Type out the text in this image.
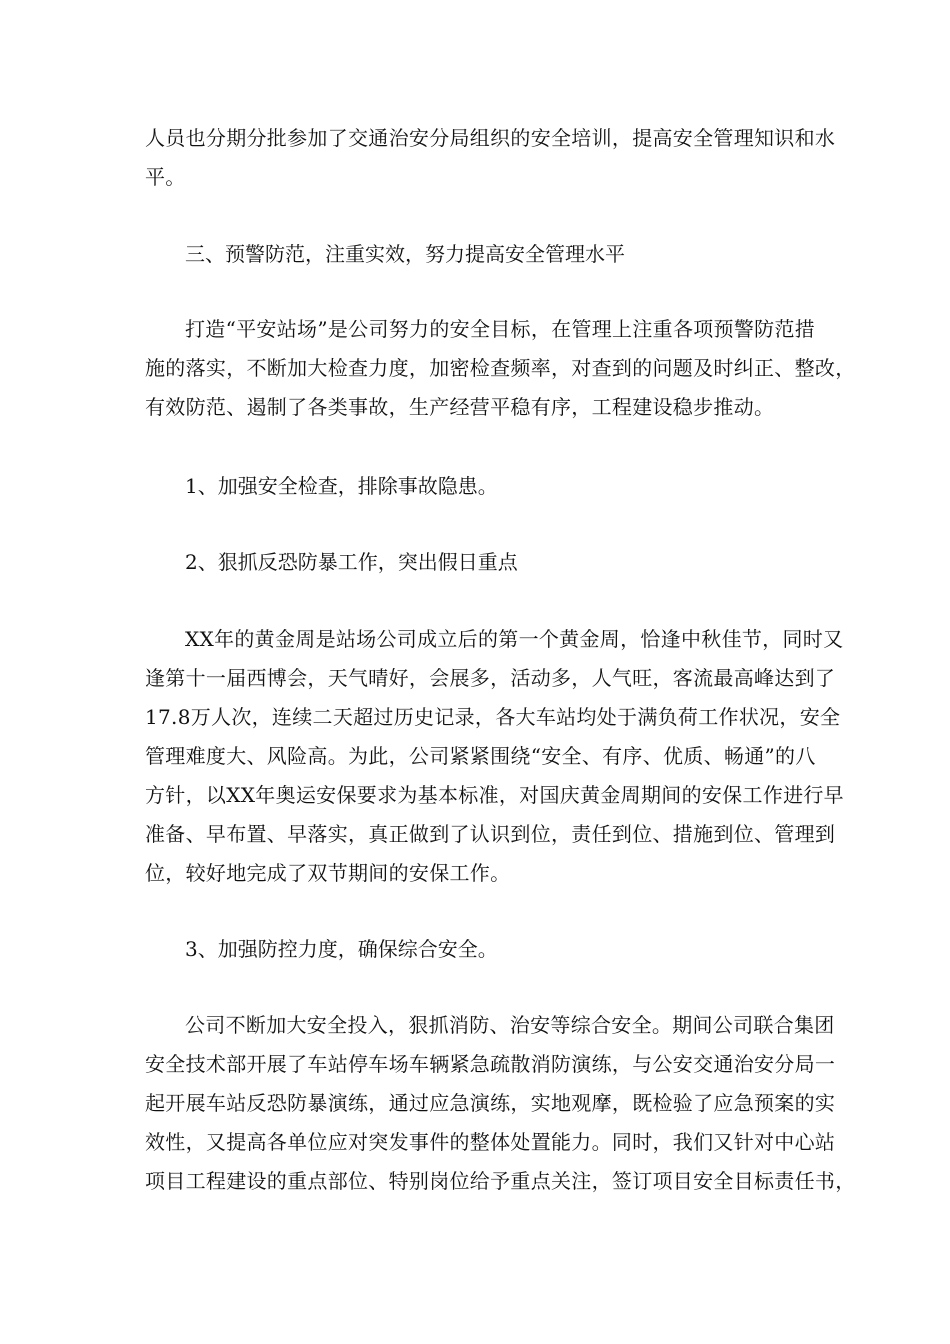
人员也分期分批参加了交通治安分局组织的安全培训，提高安全管理知识和水
平。
三、预警防范，注重实效，努力提高安全管理水平
打造“平安站场”是公司努力的安全目标，在管理上注重各项预警防范措
施的落实，不断加大检查力度，加密检查频率，对查到的问题及时纠正、整改，
有效防范、遏制了各类事故，生产经营平稳有序，工程建设稳步推动。
1、加强安全检查，排除事故隐患。
2、狠抓反恐防暴工作，突出假日重点
XX年的黄金周是站场公司成立后的第一个黄金周，恰逢中秋佳节，同时又
逢第十一届西博会，天气晴好，会展多，活动多，人气旺，客流最高峰达到了
17.8万人次，连续二天超过历史记录，各大车站均处于满负荷工作状况，安全
管理难度大、风险高。为此，公司紧紧围绕“安全、有序、优质、畅通”的八
方针，以XX年奥运安保要求为基本标准，对国庆黄金周期间的安保工作进行早
准备、早布置、早落实，真正做到了认识到位，责任到位、措施到位、管理到
位，较好地完成了双节期间的安保工作。
3、加强防控力度，确保综合安全。
公司不断加大安全投入，狠抓消防、治安等综合安全。期间公司联合集团
安全技术部开展了车站停车场车辆紧急疏散消防演练，与公安交通治安分局一
起开展车站反恐防暴演练，通过应急演练，实地观摩，既检验了应急预案的实
效性，又提高各单位应对突发事件的整体处置能力。同时，我们又针对中心站
项目工程建设的重点部位、特别岗位给予重点关注，签订项目安全目标责任书，
